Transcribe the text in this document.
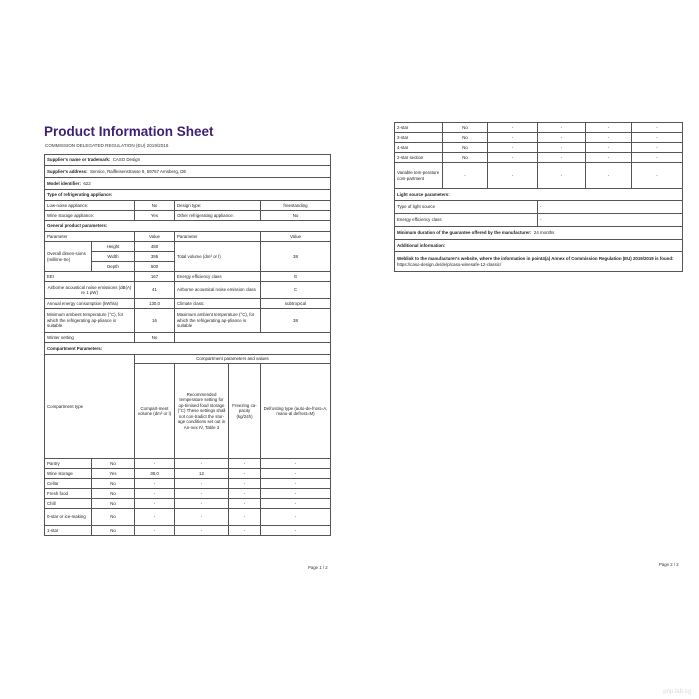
Product Information Sheet
COMMISSION DELEGATED REGULATION (EU) 2019/2016
Supplier's name or trademark: CASO Design					
Supplier's address: Service, Raiffeisenstrasse 9, 59757 Arnsberg, DE					
Model identifier: 622					
Type of refrigerating appliance:					
Low-noise appliance:		No	Design type:		freestanding
Wine storage appliance:		Yes	Other refrigerating appliance:		No
General product parameters:					
Parameter		Value	Parameter		Value
Overall dimen-sions (millime-tre)	Height	480	Total volume (dm³ or l)		38
	Width	395			
	Depth	500			
EEI		167	Energy efficiency class		G
Airborne acoustical noise emissions (dB(A) re 1 pW)		41	Airborne acoustical noise emission class		C
Annual energy consumption (kWh/a)		130,0	Climate class:		subtropical
Minimum ambient temperature (°C), for which the refrigerating ap-pliance is suitable		16	Maximum ambient temperature (°C), for which the refrigerating ap-pliance is suitable		38
Winter setting		No			
Compartment Parameters:					
Compartment type		Compartment parameters and values			
		Compart-ment volume (dm³ or l)	Recommended temperature setting for op-timised food storage (°C) These settings shall not con-tradict the stor-age conditions set out in An-nex IV, Table 3	Freezing ca-pacity (kg/24h)	Defrosting type (auto-de-frost=A, manu-al defrost=M)
Pantry	No	-	-	-	-
Wine storage	Yes	38,0	12	-	-
Cellar	No	-	-	-	-
Fresh food	No	-	-	-	-
Chill	No	-	-	-	-
0-star or ice-making	No	-	-	-	-
1-star	No	-	-	-	-
Page 1 / 2
2-star	No	-	-	-	-
3-star	No	-	-	-	-
4-star	No	-	-	-	-
2-star section	No	-	-	-	-
Variable tem-perature com-partment	-	-	-	-	-
Light source parameters:					
Type of light source			-		
Energy efficiency class			-		
Minimum duration of the guarantee offered by the manufacturer: 24 months					
Additional information:					
Weblink to the manufacturer's website, where the information in point4(a) Annex of Commission Regulation (EU) 2019/2019 is found:  https://caso-design.de/de/p/caso-winesafe-12-classic/					
Page 2 / 2
pnp.lab.sg
